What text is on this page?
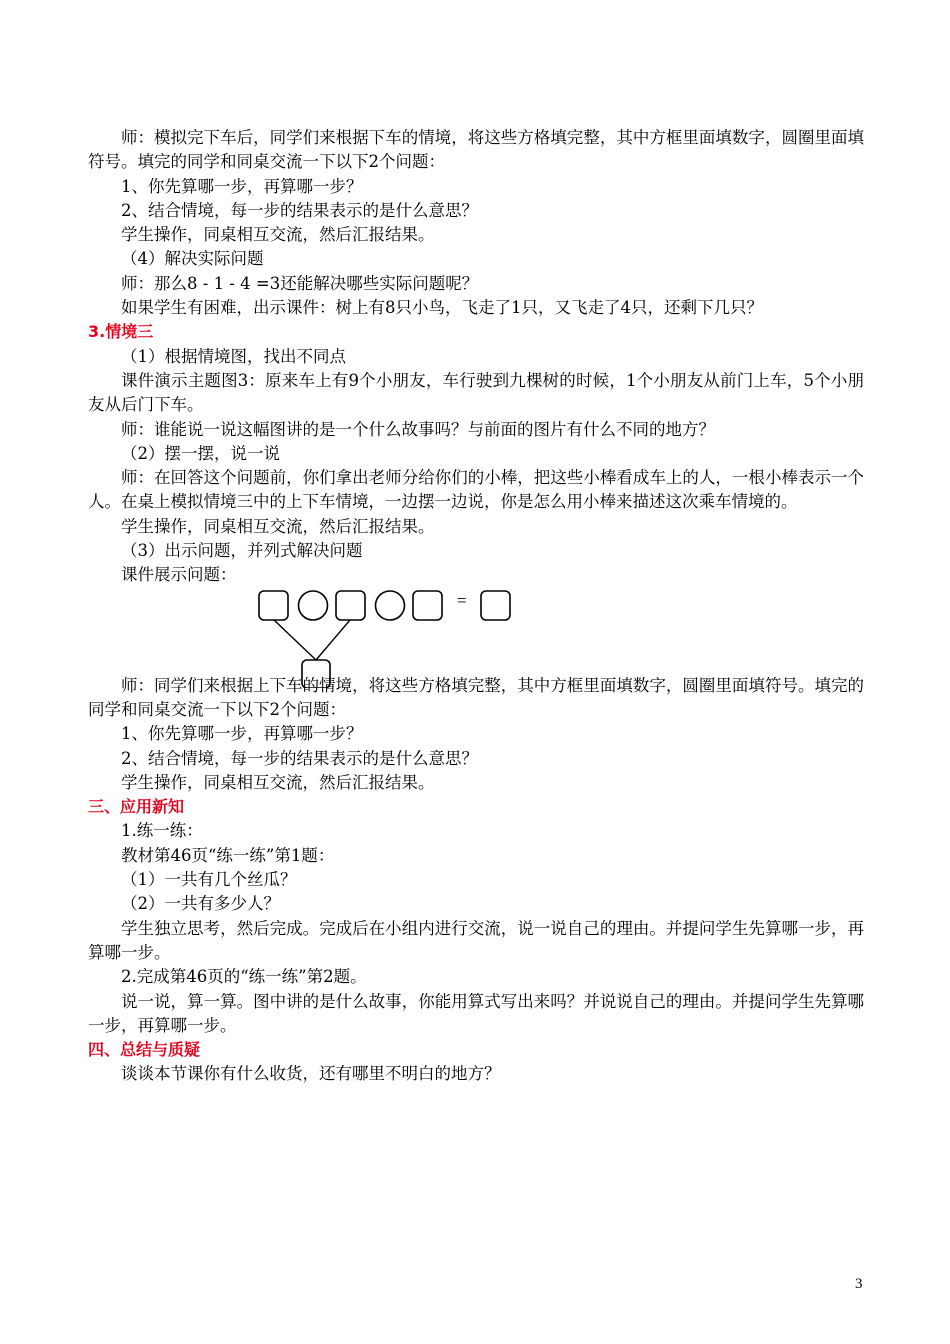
师：模拟完下车后，同学们来根据下车的情境，将这些方格填完整，其中方框里面填数字，圆圈里面填符号。填完的同学和同桌交流一下以下2个问题：

1、你先算哪一步，再算哪一步？

2、结合情境，每一步的结果表示的是什么意思？

学生操作，同桌相互交流，然后汇报结果。

（4）解决实际问题

师：那么8 - 1 - 4 =3还能解决哪些实际问题呢？

如果学生有困难，出示课件：树上有8只小鸟，飞走了1只，又飞走了4只，还剩下几只？

3.情境三

（1）根据情境图，找出不同点

课件演示主题图3：原来车上有9个小朋友，车行驶到九棵树的时候，1个小朋友从前门上车，5个小朋友从后门下车。

师：谁能说一说这幅图讲的是一个什么故事吗？与前面的图片有什么不同的地方？

（2）摆一摆，说一说

师：在回答这个问题前，你们拿出老师分给你们的小棒，把这些小棒看成车上的人，一根小棒表示一个人。在桌上模拟情境三中的上下车情境，一边摆一边说，你是怎么用小棒来描述这次乘车情境的。

学生操作，同桌相互交流，然后汇报结果。

（3）出示问题，并列式解决问题

课件展示问题：

=

师：同学们来根据上下车的情境，将这些方格填完整，其中方框里面填数字，圆圈里面填符号。填完的同学和同桌交流一下以下2个问题：

1、你先算哪一步，再算哪一步？

2、结合情境，每一步的结果表示的是什么意思？

学生操作，同桌相互交流，然后汇报结果。

三、应用新知

1.练一练：

教材第46页“练一练”第1题：

（1）一共有几个丝瓜？

（2）一共有多少人？

学生独立思考，然后完成。完成后在小组内进行交流，说一说自己的理由。并提问学生先算哪一步，再算哪一步。

2.完成第46页的“练一练”第2题。

说一说，算一算。图中讲的是什么故事，你能用算式写出来吗？并说说自己的理由。并提问学生先算哪一步，再算哪一步。

四、总结与质疑

谈谈本节课你有什么收货，还有哪里不明白的地方？

3
